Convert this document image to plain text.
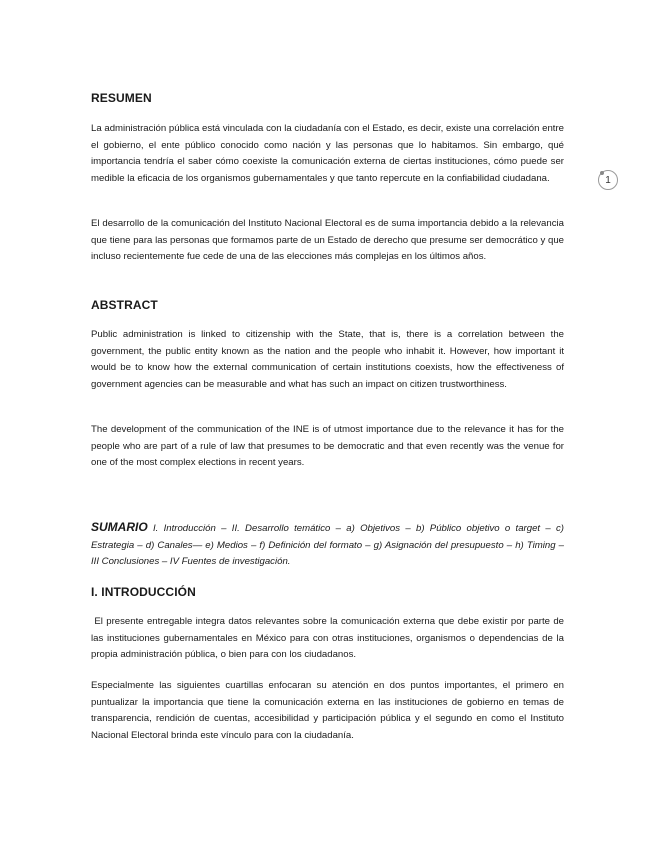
RESUMEN

La administración pública está vinculada con la ciudadanía con el Estado, es decir, existe una correlación entre el gobierno, el ente público conocido como nación y las personas que lo habitamos. Sin embargo, qué importancia tendría el saber cómo coexiste la comunicación externa de ciertas instituciones, cómo puede ser medible la eficacia de los organismos gubernamentales y que tanto repercute en la confiabilidad ciudadana.

El desarrollo de la comunicación del Instituto Nacional Electoral es de suma importancia debido a la relevancia que tiene para las personas que formamos parte de un Estado de derecho que presume ser democrático y que incluso recientemente fue cede de una de las elecciones más complejas en los últimos años.

ABSTRACT

Public administration is linked to citizenship with the State, that is, there is a correlation between the government, the public entity known as the nation and the people who inhabit it. However, how important it would be to know how the external communication of certain institutions coexists, how the effectiveness of government agencies can be measurable and what has such an impact on citizen trustworthiness.

The development of the communication of the INE is of utmost importance due to the relevance it has for the people who are part of a rule of law that presumes to be democratic and that even recently was the venue for one of the most complex elections in recent years.

SUMARIO I. Introducción – II. Desarrollo temático – a) Objetivos – b) Público objetivo o target – c) Estrategia – d) Canales— e) Medios – f) Definición del formato – g) Asignación del presupuesto – h) Timing – III Conclusiones – IV Fuentes de investigación.

I. INTRODUCCIÓN

El presente entregable integra datos relevantes sobre la comunicación externa que debe existir por parte de las instituciones gubernamentales en México para con otras instituciones, organismos o dependencias de la propia administración pública, o bien para con los ciudadanos.

Especialmente las siguientes cuartillas enfocaran su atención en dos puntos importantes, el primero en puntualizar la importancia que tiene la comunicación externa en las instituciones de gobierno en temas de transparencia, rendición de cuentas, accesibilidad y participación pública y el segundo en como el Instituto Nacional Electoral brinda este vínculo para con la ciudadanía.

1
